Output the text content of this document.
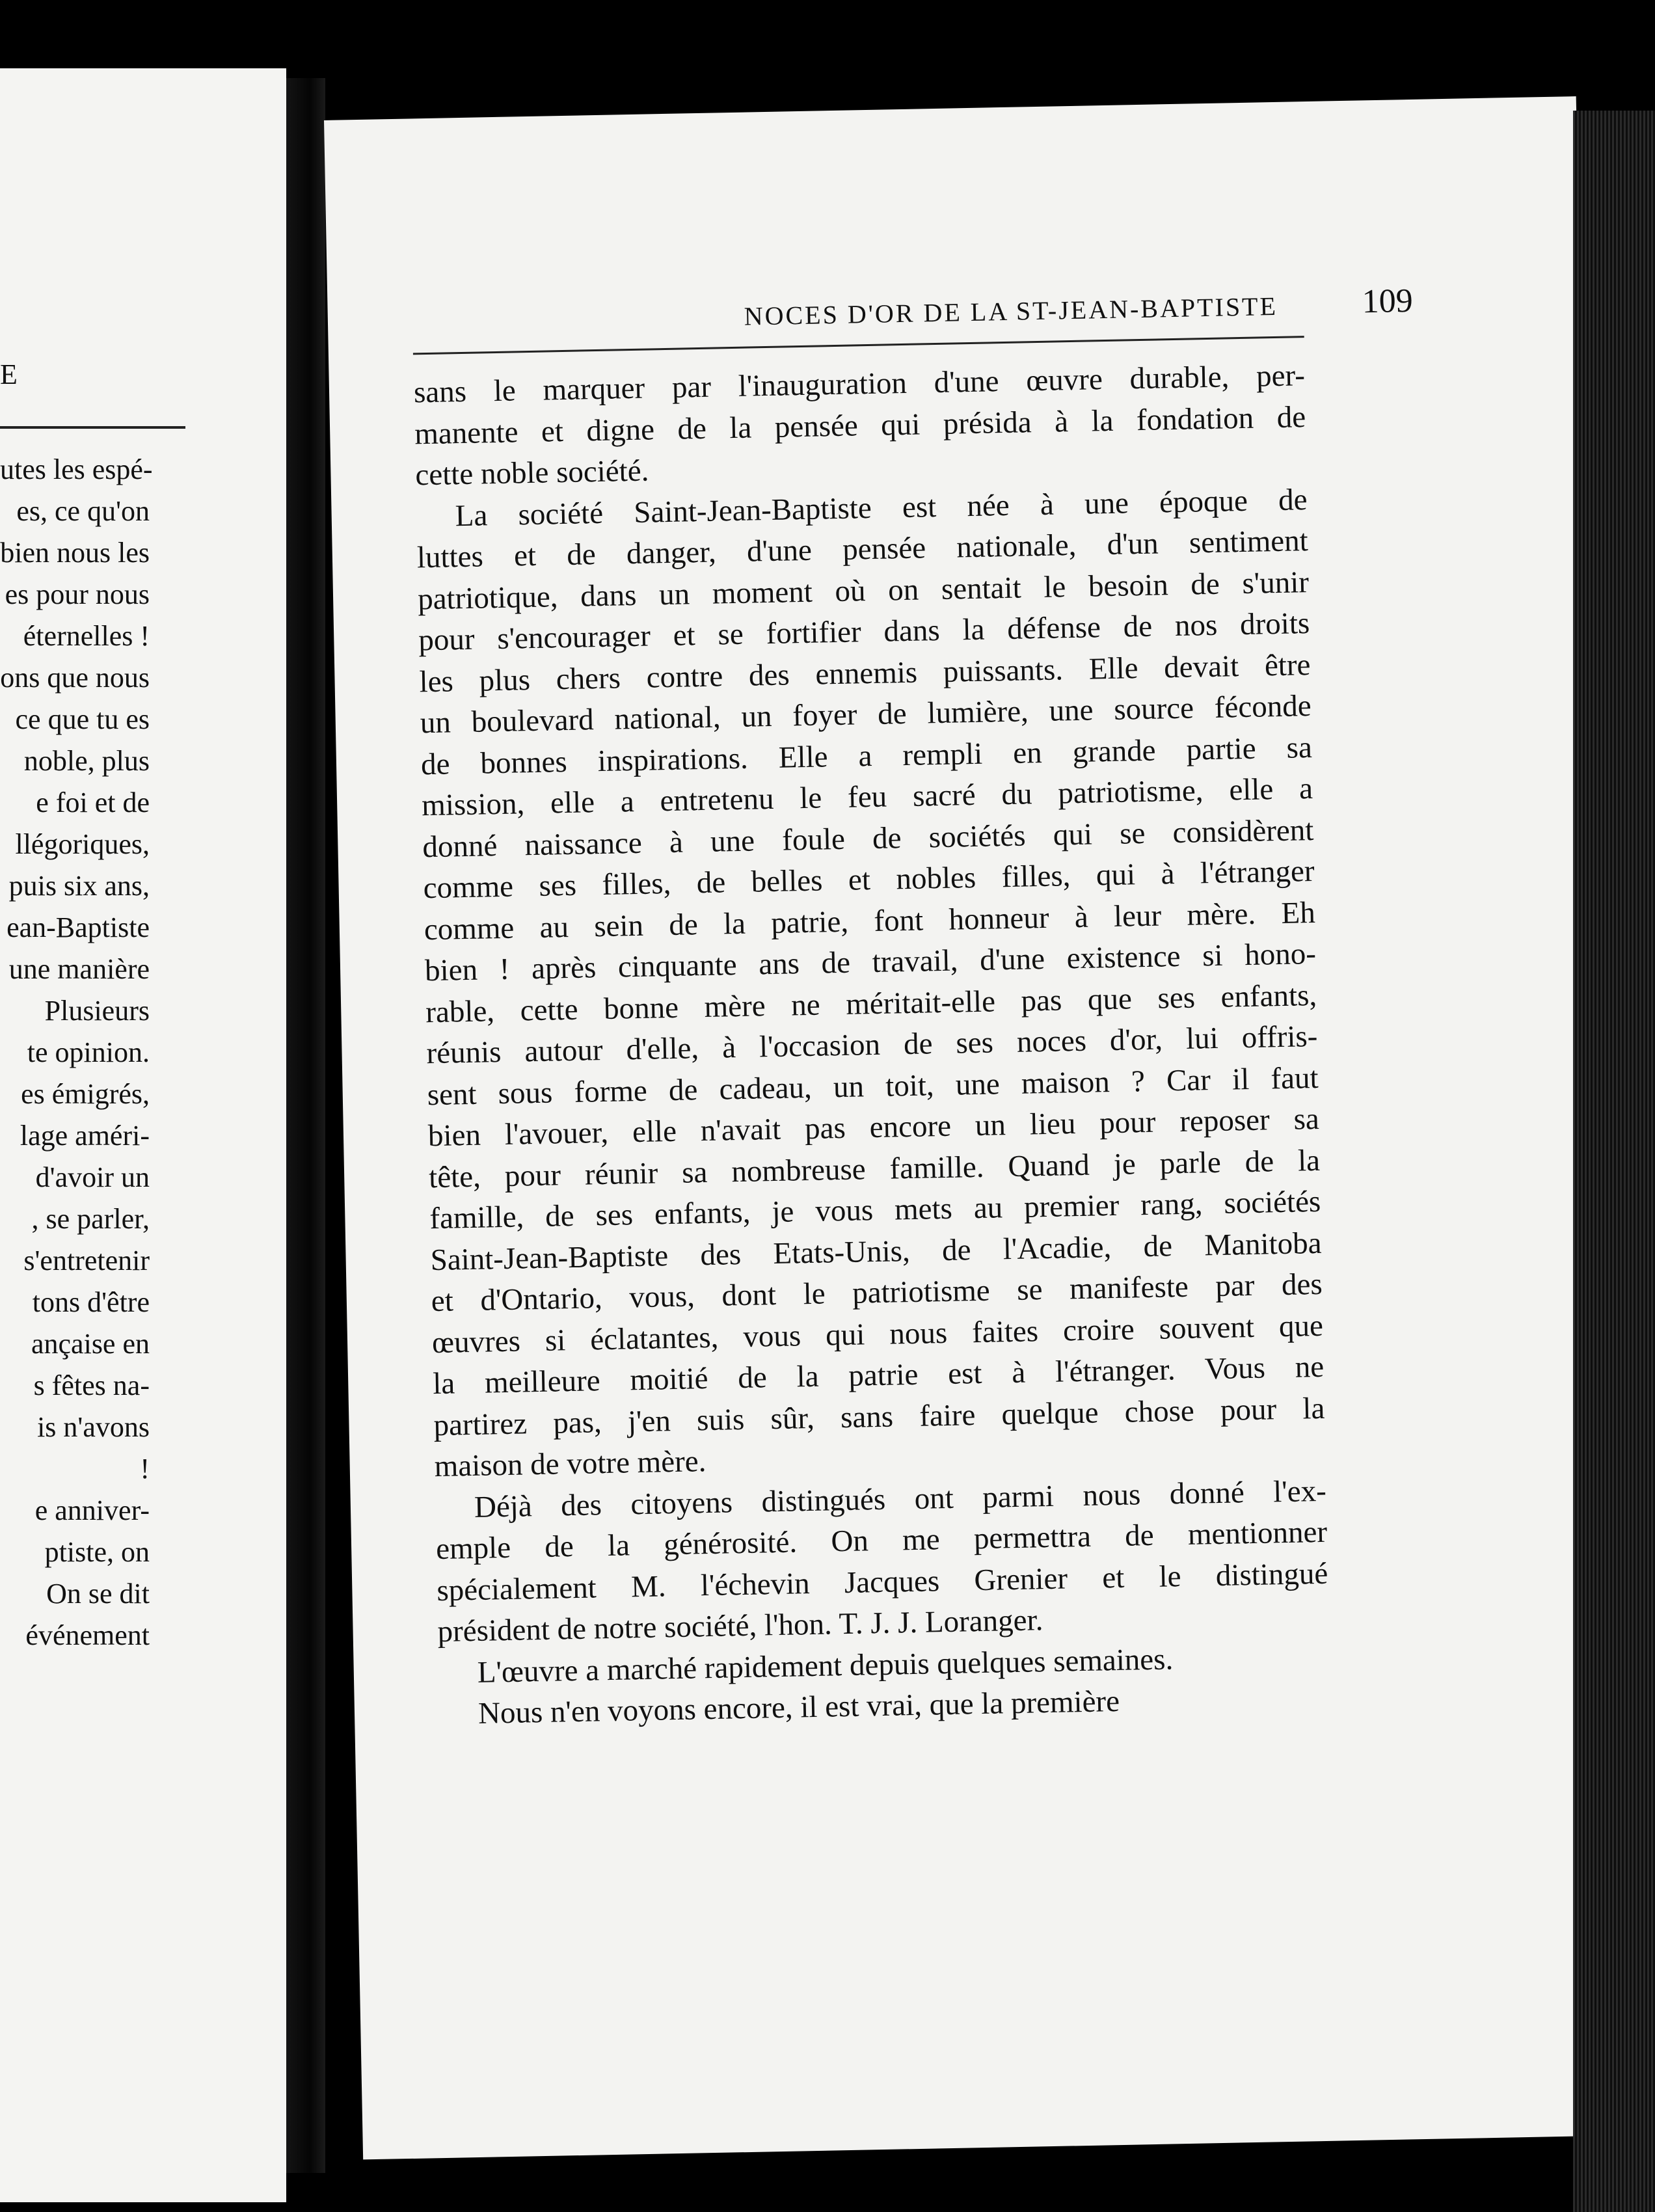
E
utes les espé-
es, ce qu'on
bien nous les
es pour nous
éternelles !
ons que nous
ce que tu es
noble, plus
e foi et de
llégoriques,
puis six ans,
ean-Baptiste
une manière
Plusieurs
te opinion.
es émigrés,
lage améri-
d'avoir un
, se parler,
s'entretenir
tons d'être
ançaise en
s fêtes na-
is n'avons
!
e anniver-
ptiste, on
On se dit
événement
NOCES D'OR DE LA ST-JEAN-BAPTISTE	109

sans le marquer par l'inauguration d'une œuvre durable, per-
manente et digne de la pensée qui présida à la fondation de
cette noble société.

La société Saint-Jean-Baptiste est née à une époque de
luttes et de danger, d'une pensée nationale, d'un sentiment
patriotique, dans un moment où on sentait le besoin de s'unir
pour s'encourager et se fortifier dans la défense de nos droits
les plus chers contre des ennemis puissants. Elle devait être
un boulevard national, un foyer de lumière, une source féconde
de bonnes inspirations. Elle a rempli en grande partie sa
mission, elle a entretenu le feu sacré du patriotisme, elle a
donné naissance à une foule de sociétés qui se considèrent
comme ses filles, de belles et nobles filles, qui à l'étranger
comme au sein de la patrie, font honneur à leur mère. Eh
bien ! après cinquante ans de travail, d'une existence si hono-
rable, cette bonne mère ne méritait-elle pas que ses enfants,
réunis autour d'elle, à l'occasion de ses noces d'or, lui offris-
sent sous forme de cadeau, un toit, une maison ? Car il faut
bien l'avouer, elle n'avait pas encore un lieu pour reposer sa
tête, pour réunir sa nombreuse famille. Quand je parle de la
famille, de ses enfants, je vous mets au premier rang, sociétés
Saint-Jean-Baptiste des Etats-Unis, de l'Acadie, de Manitoba
et d'Ontario, vous, dont le patriotisme se manifeste par des
œuvres si éclatantes, vous qui nous faites croire souvent que
la meilleure moitié de la patrie est à l'étranger. Vous ne
partirez pas, j'en suis sûr, sans faire quelque chose pour la
maison de votre mère.

Déjà des citoyens distingués ont parmi nous donné l'ex-
emple de la générosité. On me permettra de mentionner
spécialement M. l'échevin Jacques Grenier et le distingué
président de notre société, l'hon. T. J. J. Loranger.

L'œuvre a marché rapidement depuis quelques semaines.

Nous n'en voyons encore, il est vrai, que la première
